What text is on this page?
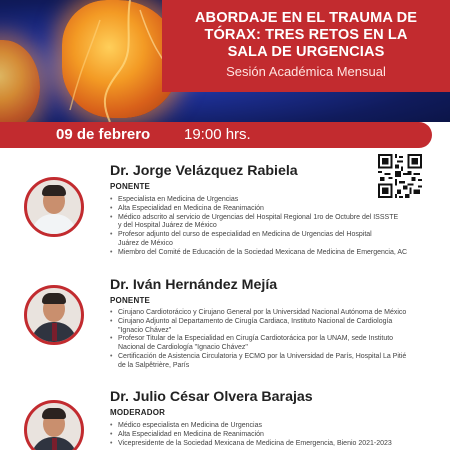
ABORDAJE EN EL TRAUMA DE
TÓRAX: TRES RETOS EN LA
SALA DE URGENCIAS
Sesión Académica Mensual
09 de febrero 19:00 hrs.
Dr. Jorge Velázquez Rabiela
PONENTE
• Especialista en Medicina de Urgencias
• Alta Especialidad en Medicina de Reanimación
• Médico adscrito al servicio de Urgencias del Hospital Regional 1ro de Octubre del ISSSTE
y del Hospital Juárez de México
• Profesor adjunto del curso de especialidad en Medicina de Urgencias del Hospital
Juárez de México
• Miembro del Comité de Educación de la Sociedad Mexicana de Medicina de Emergencia, AC
Dr. Iván Hernández Mejía
PONENTE
• Cirujano Cardiotorácico y Cirujano General por la Universidad Nacional Autónoma de México
• Cirujano Adjunto al Departamento de Cirugía Cardiaca, Instituto Nacional de Cardiología
"Ignacio Chávez"
• Profesor Titular de la Especialidad en Cirugía Cardiotorácica por la UNAM, sede Instituto
Nacional de Cardiología "Ignacio Chávez"
• Certificación de Asistencia Circulatoria y ECMO por la Universidad de París, Hospital La Pitié
de la Salpêtrière, París
Dr. Julio César Olvera Barajas
MODERADOR
• Médico especialista en Medicina de Urgencias
• Alta Especialidad en Medicina de Reanimación
• Vicepresidente de la Sociedad Mexicana de Medicina de Emergencia, Bienio 2021-2023
